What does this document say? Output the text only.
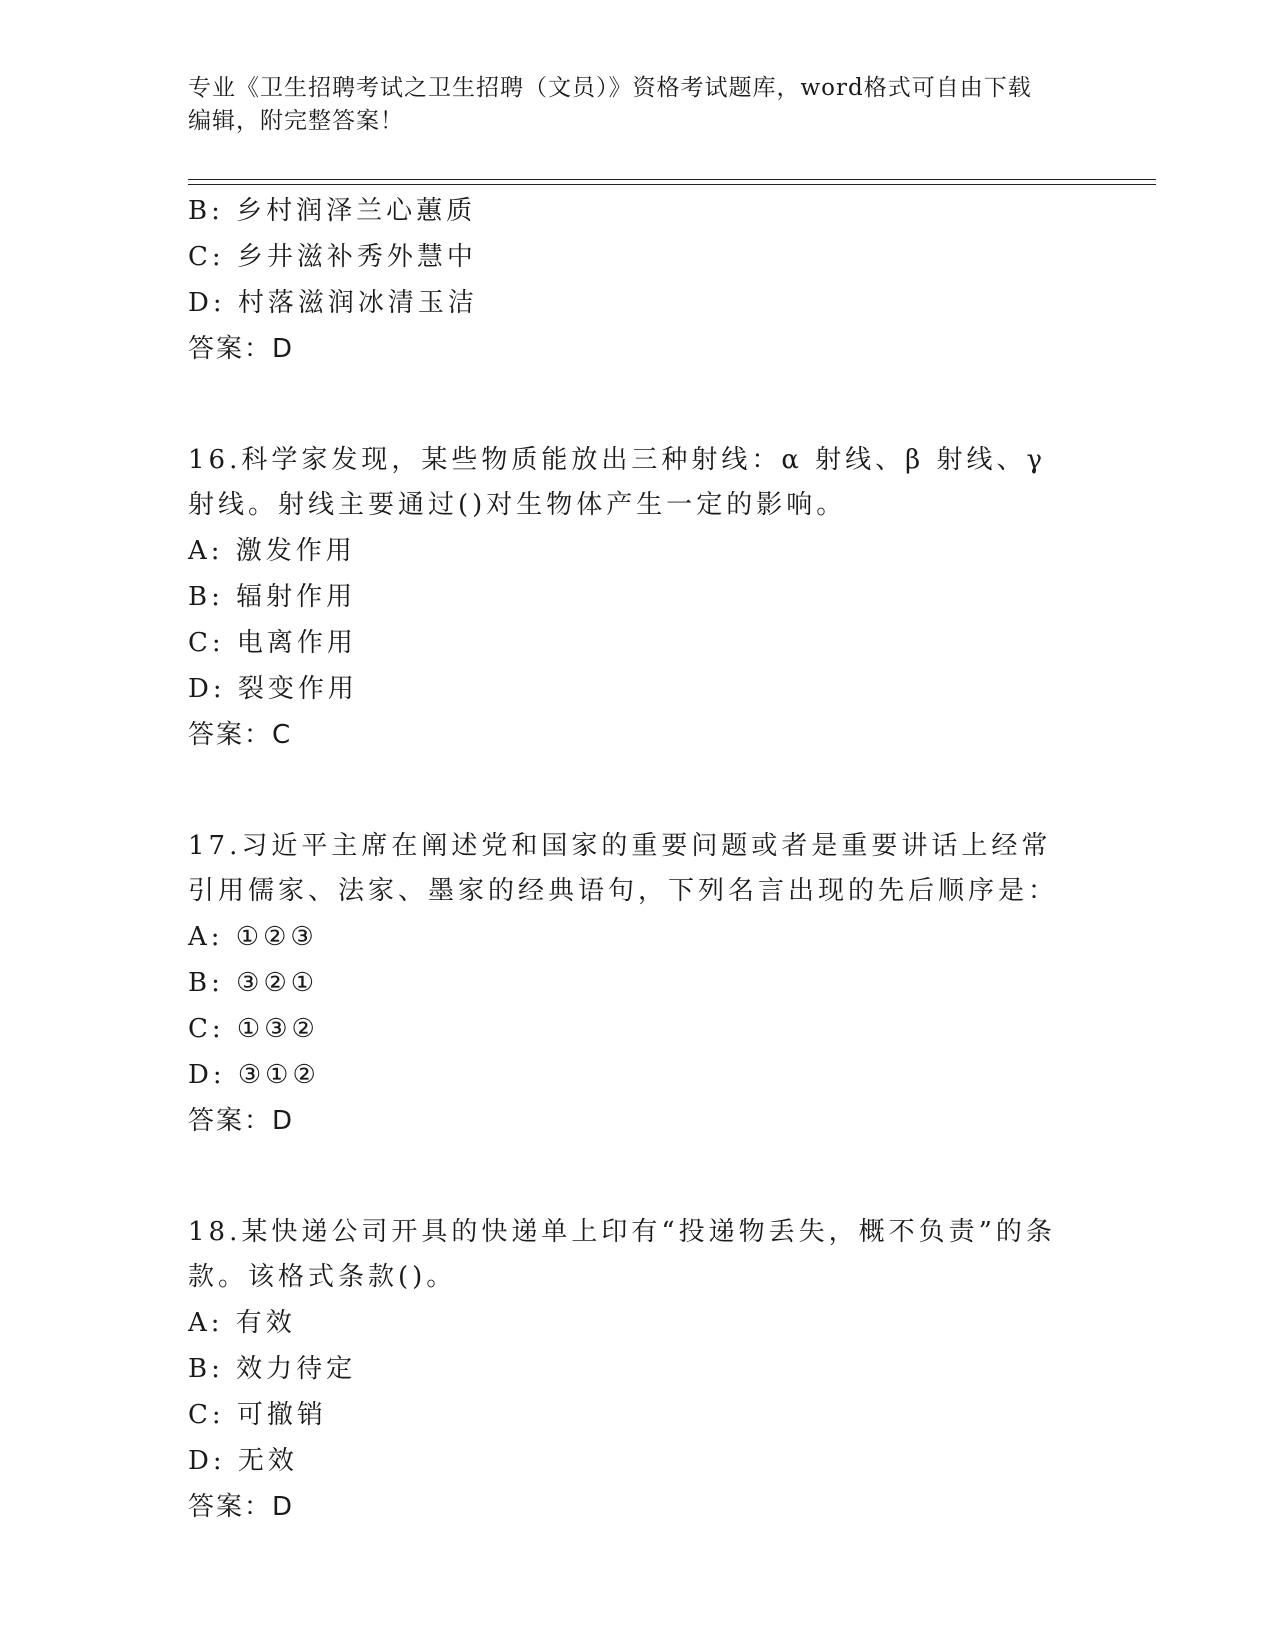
专业《卫生招聘考试之卫生招聘（文员）》资格考试题库，word格式可自由下载
编辑，附完整答案！
B: 乡村润泽兰心蕙质
C: 乡井滋补秀外慧中
D: 村落滋润冰清玉洁
答案：D
16.科学家发现，某些物质能放出三种射线：α 射线、β 射线、γ 射线。射线主要通过()对生物体产生一定的影响。
A: 激发作用
B: 辐射作用
C: 电离作用
D: 裂变作用
答案：C
17.习近平主席在阐述党和国家的重要问题或者是重要讲话上经常引用儒家、法家、墨家的经典语句，下列名言出现的先后顺序是：
A: ①②③
B: ③②①
C: ①③②
D: ③①②
答案：D
18.某快递公司开具的快递单上印有“投递物丢失，概不负责”的条款。该格式条款()。
A: 有效
B: 效力待定
C: 可撤销
D: 无效
答案：D
